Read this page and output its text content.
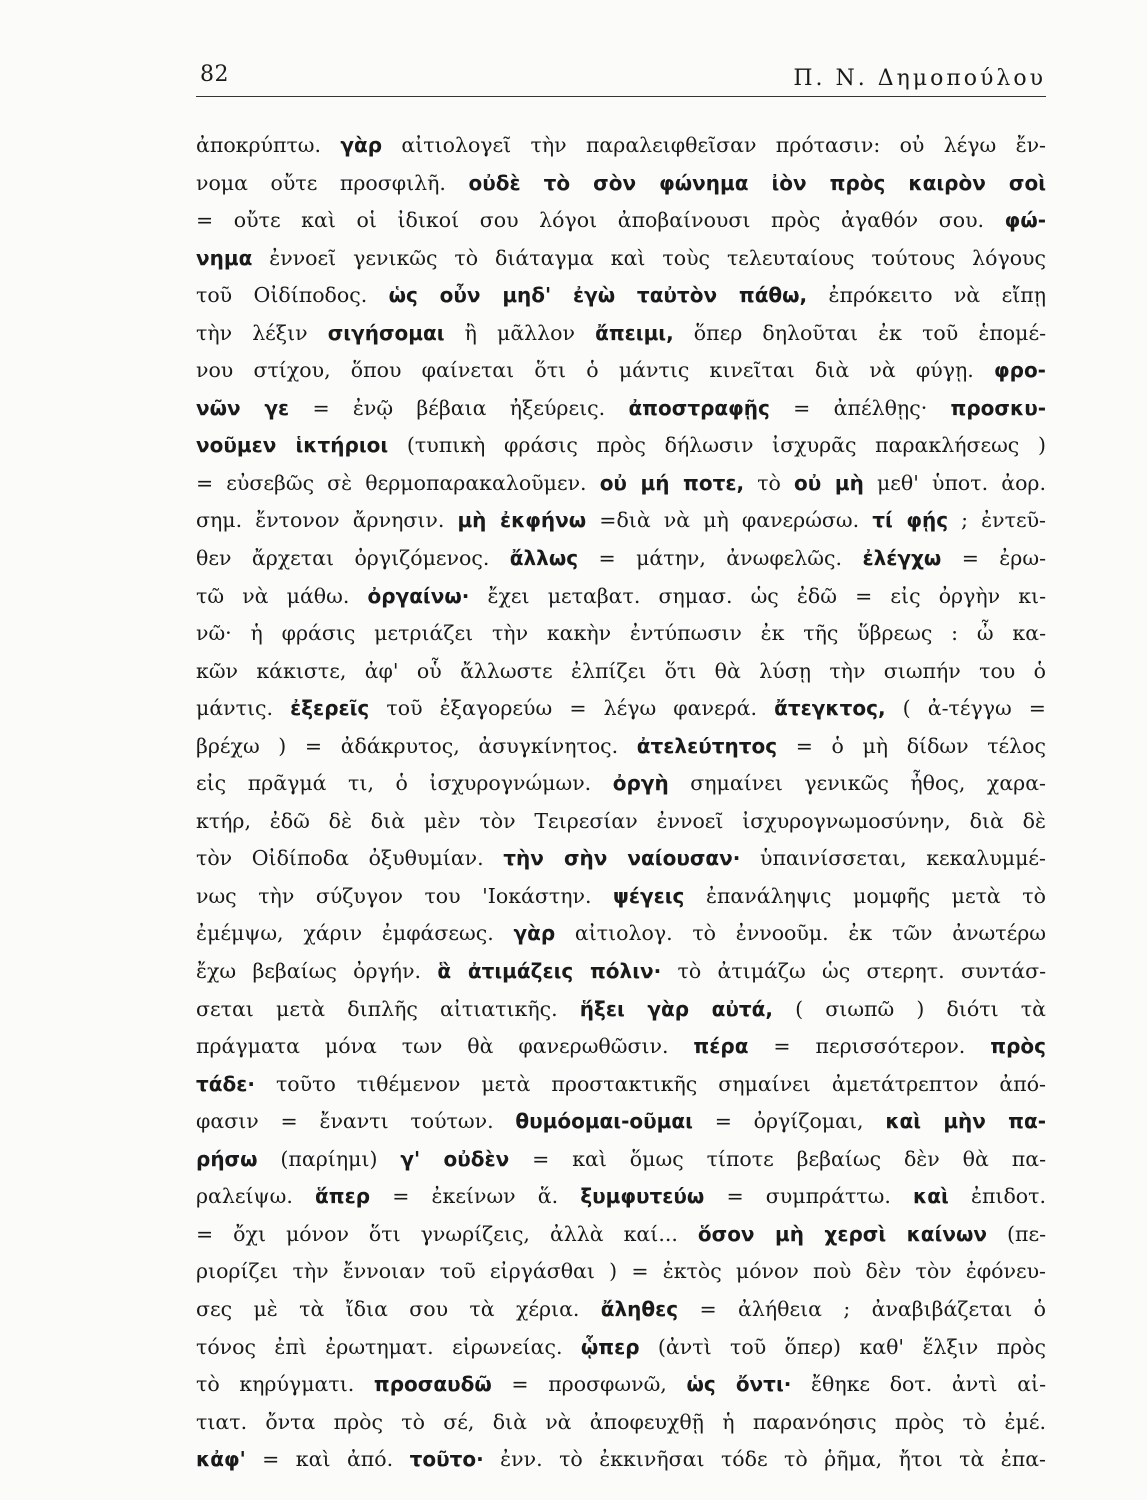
82	Π. Ν. Δημοπούλου
ἀποκρύπτω. γὰρ αἰτιολογεῖ τὴν παραλειφθεῖσαν πρότασιν: οὐ λέγω ἔν-
νομα οὔτε προσφιλῆ. οὐδὲ τὸ σὸν φώνημα ἰὸν πρὸς καιρὸν σοὶ
= οὔτε καὶ οἱ ἰδικοί σου λόγοι ἀποβαίνουσι πρὸς ἀγαθόν σου. φώ-
νημα ἐννοεῖ γενικῶς τὸ διάταγμα καὶ τοὺς τελευταίους τούτους λόγους
τοῦ Οἰδίποδος. ὡς οὖν μηδ' ἐγὼ ταὐτὸν πάθω, ἐπρόκειτο νὰ εἴπῃ
τὴν λέξιν σιγήσομαι ἢ μᾶλλον ἄπειμι, ὅπερ δηλοῦται ἐκ τοῦ ἑπομέ-
νου στίχου, ὅπου φαίνεται ὅτι ὁ μάντις κινεῖται διὰ νὰ φύγῃ. φρο-
νῶν γε = ἐνῷ βέβαια ἠξεύρεις. ἀποστραφῇς = ἀπέλθῃς· προσκυ-
νοῦμεν ἱκτήριοι (τυπικὴ φράσις πρὸς δήλωσιν ἰσχυρᾶς παρακλήσεως )
= εὐσεβῶς σὲ θερμοπαρακαλοῦμεν. οὐ μή ποτε, τὸ οὐ μὴ μεθ' ὑποτ. ἀορ.
σημ. ἔντονον ἄρνησιν. μὴ ἐκφήνω =διὰ νὰ μὴ φανερώσω. τί φῄς ; ἐντεῦ-
θεν ἄρχεται ὀργιζόμενος. ἄλλως = μάτην, ἀνωφελῶς. ἐλέγχω = ἐρω-
τῶ νὰ μάθω. ὀργαίνω· ἔχει μεταβατ. σημασ. ὡς ἐδῶ = εἰς ὀργὴν κι-
νῶ· ἡ φράσις μετριάζει τὴν κακὴν ἐντύπωσιν ἐκ τῆς ὕβρεως : ὦ κα-
κῶν κάκιστε, ἀφ' οὗ ἄλλωστε ἐλπίζει ὅτι θὰ λύσῃ τὴν σιωπήν του ὁ
μάντις. ἐξερεῖς τοῦ ἐξαγορεύω = λέγω φανερά. ἄτεγκτος, ( ἀ-τέγγω =
βρέχω ) = ἀδάκρυτος, ἀσυγκίνητος. ἀτελεύτητος = ὁ μὴ δίδων τέλος
εἰς πρᾶγμά τι, ὁ ἰσχυρογνώμων. ὀργὴ σημαίνει γενικῶς ἦθος, χαρα-
κτήρ, ἐδῶ δὲ διὰ μὲν τὸν Τειρεσίαν ἐννοεῖ ἰσχυρογνωμοσύνην, διὰ δὲ
τὸν Οἰδίποδα ὀξυθυμίαν. τὴν σὴν ναίουσαν· ὑπαινίσσεται, κεκαλυμμέ-
νως τὴν σύζυγον του 'Ιοκάστην. ψέγεις ἐπανάληψις μομφῆς μετὰ τὸ
ἐμέμψω, χάριν ἐμφάσεως. γὰρ αἰτιολογ. τὸ ἐννοοῦμ. ἐκ τῶν ἀνωτέρω
ἔχω βεβαίως ὀργήν. ἃ ἀτιμάζεις πόλιν· τὸ ἀτιμάζω ὡς στερητ. συντάσ-
σεται μετὰ διπλῆς αἰτιατικῆς. ἥξει γὰρ αὐτά, ( σιωπῶ ) διότι τὰ
πράγματα μόνα των θὰ φανερωθῶσιν. πέρα = περισσότερον. πρὸς
τάδε· τοῦτο τιθέμενον μετὰ προστακτικῆς σημαίνει ἀμετάτρεπτον ἀπό-
φασιν = ἔναντι τούτων. θυμόομαι-οῦμαι = ὀργίζομαι, καὶ μὴν πα-
ρήσω (παρίημι) γ' οὐδὲν = καὶ ὅμως τίποτε βεβαίως δὲν θὰ πα-
ραλείψω. ἅπερ = ἐκείνων ἅ. ξυμφυτεύω = συμπράττω. καὶ ἐπιδοτ.
= ὄχι μόνον ὅτι γνωρίζεις, ἀλλὰ καί... ὅσον μὴ χερσὶ καίνων (πε-
ριορίζει τὴν ἔννοιαν τοῦ εἰργάσθαι ) = ἐκτὸς μόνον ποὺ δὲν τὸν ἐφόνευ-
σες μὲ τὰ ἴδια σου τὰ χέρια. ἄληθες = ἀλήθεια ; ἀναβιβάζεται ὁ
τόνος ἐπὶ ἐρωτηματ. εἰρωνείας. ᾧπερ (ἀντὶ τοῦ ὅπερ) καθ' ἕλξιν πρὸς
τὸ κηρύγματι. προσαυδῶ = προσφωνῶ, ὡς ὄντι· ἔθηκε δοτ. ἀντὶ αἰ-
τιατ. ὄντα πρὸς τὸ σέ, διὰ νὰ ἀποφευχθῇ ἡ παρανόησις πρὸς τὸ ἐμέ.
κἀφ' = καὶ ἀπό. τοῦτο· ἐνν. τὸ ἐκκινῆσαι τόδε τὸ ῥῆμα, ἤτοι τὰ ἐπα-
